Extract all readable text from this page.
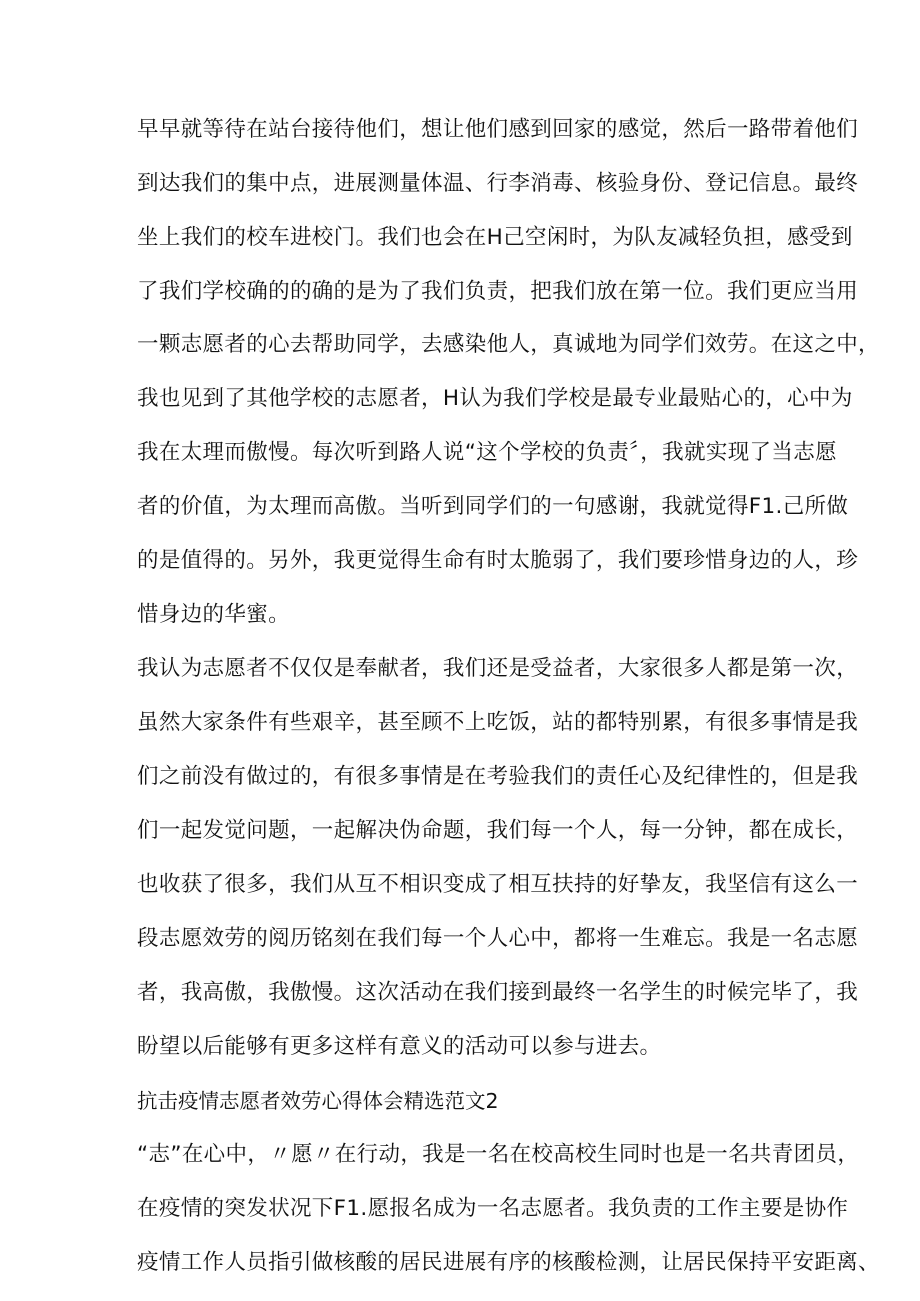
早早就等待在站台接待他们，想让他们感到回家的感觉，然后一路带着他们
到达我们的集中点，进展测量体温、行李消毒、核验身份、登记信息。最终
坐上我们的校车进校门。我们也会在H己空闲时，为队友减轻负担，感受到
了我们学校确的的确的是为了我们负责，把我们放在第一位。我们更应当用
一颗志愿者的心去帮助同学，去感染他人，真诚地为同学们效劳。在这之中，
我也见到了其他学校的志愿者，H认为我们学校是最专业最贴心的，心中为
我在太理而傲慢。每次听到路人说“这个学校的负责〞，我就实现了当志愿
者的价值，为太理而高傲。当听到同学们的一句感谢，我就觉得F1.己所做
的是值得的。另外，我更觉得生命有时太脆弱了，我们要珍惜身边的人，珍
惜身边的华蜜。
我认为志愿者不仅仅是奉献者，我们还是受益者，大家很多人都是第一次，
虽然大家条件有些艰辛，甚至顾不上吃饭，站的都特别累，有很多事情是我
们之前没有做过的，有很多事情是在考验我们的责任心及纪律性的，但是我
们一起发觉问题，一起解决伪命题，我们每一个人，每一分钟，都在成长，
也收获了很多，我们从互不相识变成了相互扶持的好挚友，我坚信有这么一
段志愿效劳的阅历铭刻在我们每一个人心中，都将一生难忘。我是一名志愿
者，我高傲，我傲慢。这次活动在我们接到最终一名学生的时候完毕了，我
盼望以后能够有更多这样有意义的活动可以参与进去。
抗击疫情志愿者效劳心得体会精选范文2
“志”在心中，〃愿〃在行动，我是一名在校高校生同时也是一名共青团员，
在疫情的突发状况下F1.愿报名成为一名志愿者。我负责的工作主要是协作
疫情工作人员指引做核酸的居民进展有序的核酸检测，让居民保持平安距离、
